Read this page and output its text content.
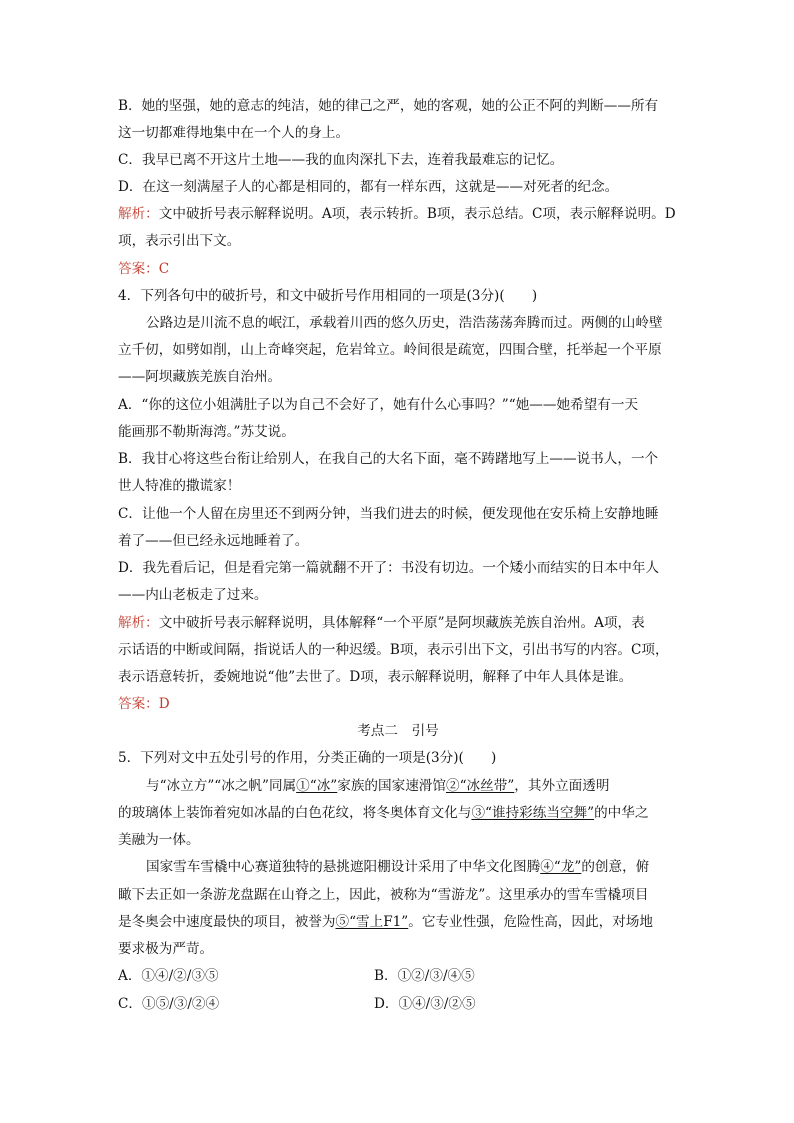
B．她的坚强，她的意志的纯洁，她的律己之严，她的客观，她的公正不阿的判断——所有
这一切都难得地集中在一个人的身上。
C．我早已离不开这片土地——我的血肉深扎下去，连着我最难忘的记忆。
D．在这一刻满屋子人的心都是相同的，都有一样东西，这就是——对死者的纪念。
解析：文中破折号表示解释说明。A项，表示转折。B项，表示总结。C项，表示解释说明。D
项，表示引出下文。
答案：C
4．下列各句中的破折号，和文中破折号作用相同的一项是(3分)(　　)
公路边是川流不息的岷江，承载着川西的悠久历史，浩浩荡荡奔腾而过。两侧的山岭壁
立千仞，如劈如削，山上奇峰突起，危岩耸立。岭间很是疏宽，四围合壁，托举起一个平原
——阿坝藏族羌族自治州。
A．“你的这位小姐满肚子以为自己不会好了，她有什么心事吗？”“她——她希望有一天
能画那不勒斯海湾。”苏艾说。
B．我甘心将这些台衔让给别人，在我自己的大名下面，毫不踌躇地写上——说书人，一个
世人特准的撒谎家！
C．让他一个人留在房里还不到两分钟，当我们进去的时候，便发现他在安乐椅上安静地睡
着了——但已经永远地睡着了。
D．我先看后记，但是看完第一篇就翻不开了：书没有切边。一个矮小而结实的日本中年人
——内山老板走了过来。
解析：文中破折号表示解释说明，具体解释“一个平原”是阿坝藏族羌族自治州。A项，表
示话语的中断或间隔，指说话人的一种迟缓。B项，表示引出下文，引出书写的内容。C项，
表示语意转折，委婉地说“他”去世了。D项，表示解释说明，解释了中年人具体是谁。
答案：D
考点二　引号
5．下列对文中五处引号的作用，分类正确的一项是(3分)(　　)
与“冰立方”“冰之帆”同属①“冰”家族的国家速滑馆②“冰丝带”，其外立面透明
的玻璃体上装饰着宛如冰晶的白色花纹，将冬奥体育文化与③“谁持彩练当空舞”的中华之
美融为一体。
国家雪车雪橇中心赛道独特的悬挑遮阳棚设计采用了中华文化图腾④“龙”的创意，俯
瞰下去正如一条游龙盘踞在山脊之上，因此，被称为“雪游龙”。这里承办的雪车雪橇项目
是冬奥会中速度最快的项目，被誉为⑤“雪上F1”。它专业性强，危险性高，因此，对场地
要求极为严苛。
A．①④/②/③⑤	B．①②/③/④⑤
C．①⑤/③/②④	D．①④/③/②⑤
